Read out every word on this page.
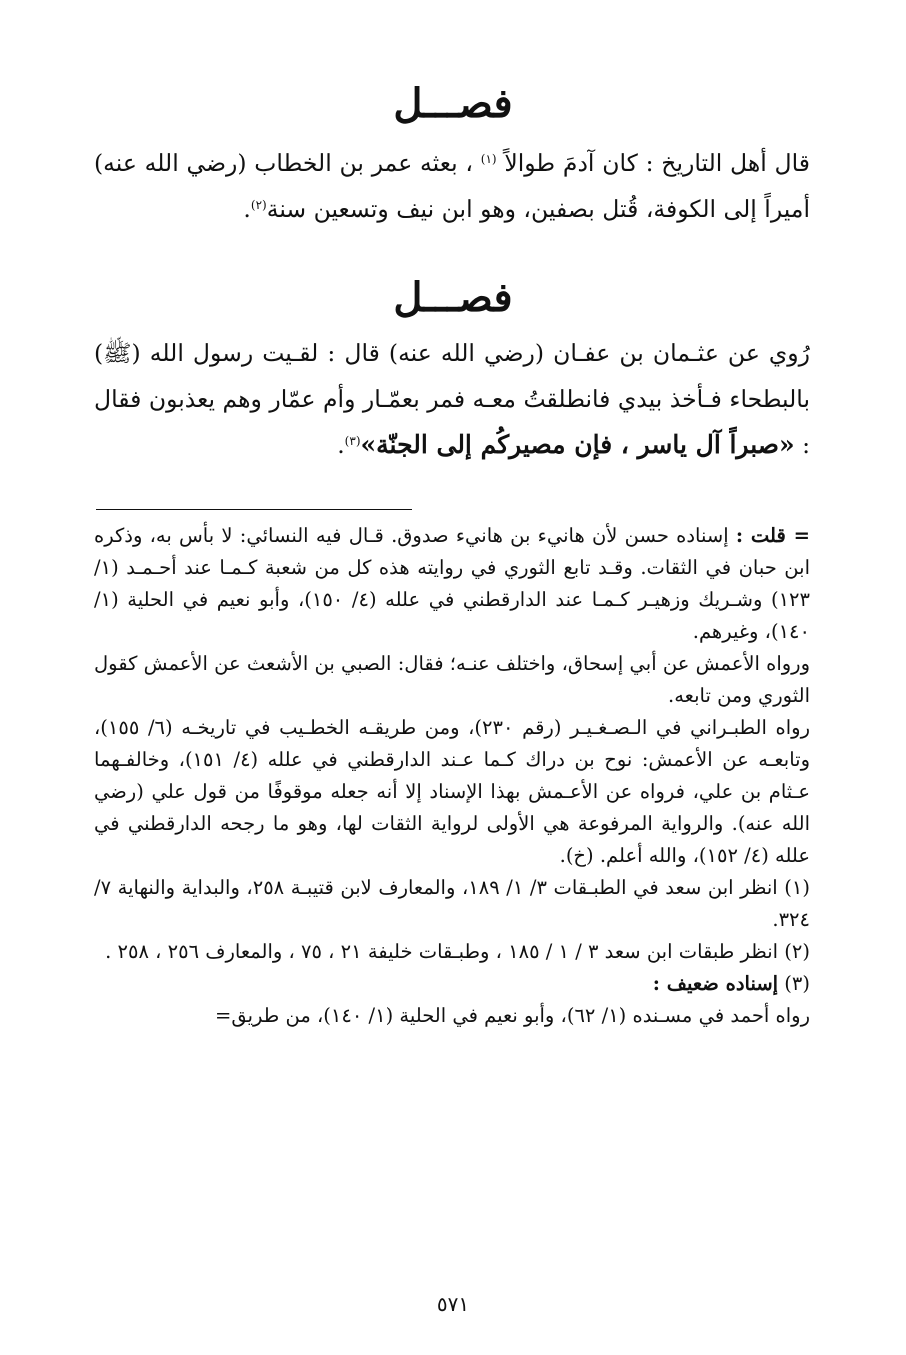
فصـــل
قال أهل التاريخ : كان آدمَ طوالاً $^{(١)}$ ، بعثه عمر بن الخطاب (رضي الله عنه) أميراً إلى الكوفة، قُتل بصفين، وهو ابن نيف وتسعين سنة$^{(٢)}$.
فصـــل
رُوي عن عثـمان بن عفـان (رضي الله عنه) قال : لقـيت رسول الله (ﷺ) بالبطحاء فـأخذ بيدي فانطلقتُ معـه فمر بعمّـار وأم عمّار وهم يعذبون فقال : «صبراً آل ياسر ، فإن مصيركُم إلى الجنّة»$^{(٣)}$.
= قلت : إسناده حسن لأن هانيء بن هانيء صدوق. قـال فيه النسائي: لا بأس به، وذكره ابن حبان في الثقات. وقـد تابع الثوري في روايته هذه كل من شعبة كـمـا عند أحـمـد (١/ ١٢٣) وشـريك وزهيـر كـمـا عند الدارقطني في علله (٤/ ١٥٠)، وأبو نعيم في الحلية (١/ ١٤٠)، وغيرهم.
ورواه الأعمش عن أبي إسحاق، واختلف عنـه؛ فقال: الصبي بن الأشعث عن الأعمش كقول الثوري ومن تابعه.
رواه الطبـراني في الـصـغـيـر (رقم ٢٣٠)، ومن طريقـه الخطـيب في تاريخـه (٦/ ١٥٥)، وتابعـه عن الأعمش: نوح بن دراك كـما عـند الدارقطني في علله (٤/ ١٥١)، وخالفـهما عـثام بن علي، فرواه عن الأعـمش بهذا الإسناد إلا أنه جعله موقوفًا من قول علي (رضي الله عنه). والرواية المرفوعة هي الأولى لرواية الثقات لها، وهو ما رجحه الدارقطني في علله (٤/ ١٥٢)، والله أعلم. (خ).
(١) انظر ابن سعد في الطبـقات ٣/ ١/ ١٨٩، والمعارف لابن قتيبـة ٢٥٨، والبداية والنهاية ٧/ ٣٢٤.
(٢) انظر طبقات ابن سعد ٣ / ١ / ١٨٥ ، وطبـقات خليفة ٢١ ، ٧٥ ، والمعارف ٢٥٦ ، ٢٥٨ .
(٣) إسناده ضعيف :
رواه أحمد في مسـنده (١/ ٦٢)، وأبو نعيم في الحلية (١/ ١٤٠)، من طريق=
٥٧١
